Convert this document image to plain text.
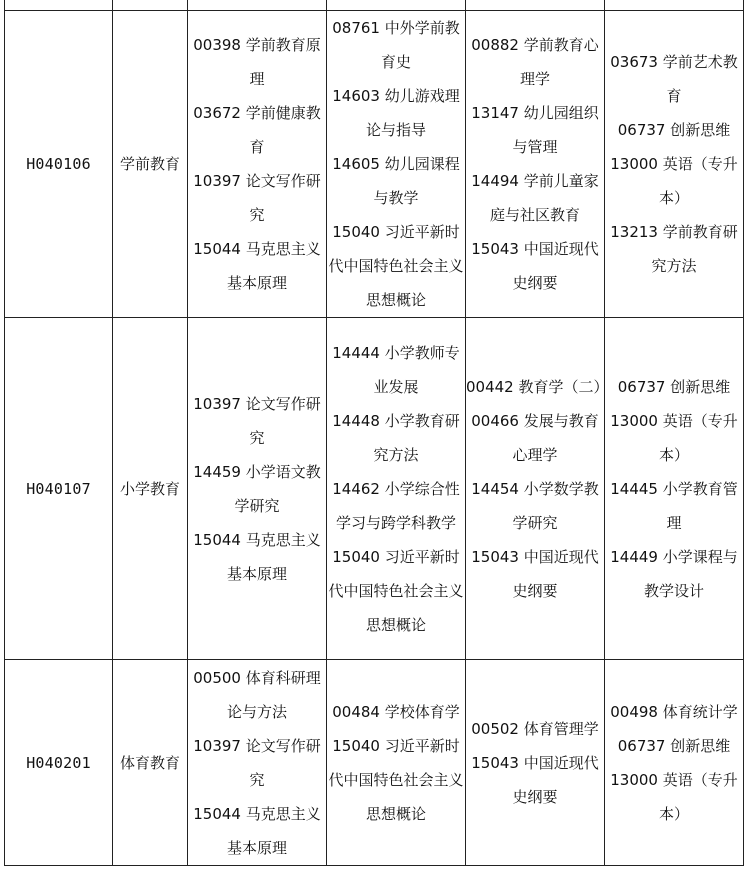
H040106	学前教育	00398 学前教育原理
03672 学前健康教育
10397 论文写作研究
15044 马克思主义基本原理	08761 中外学前教育史
14603 幼儿游戏理论与指导
14605 幼儿园课程与教学
15040 习近平新时代中国特色社会主义思想概论	00882 学前教育心理学
13147 幼儿园组织与管理
14494 学前儿童家庭与社区教育
15043 中国近现代史纲要	03673 学前艺术教育
06737 创新思维
13000 英语（专升本）
13213 学前教育研究方法

H040107	小学教育	10397 论文写作研究
14459 小学语文教学研究
15044 马克思主义基本原理	14444 小学教师专业发展
14448 小学教育研究方法
14462 小学综合性学习与跨学科教学
15040 习近平新时代中国特色社会主义思想概论	00442 教育学（二）
00466 发展与教育心理学
14454 小学数学教学研究
15043 中国近现代史纲要	06737 创新思维
13000 英语（专升本）
14445 小学教育管理
14449 小学课程与教学设计

H040201	体育教育	00500 体育科研理论与方法
10397 论文写作研究
15044 马克思主义基本原理	00484 学校体育学
15040 习近平新时代中国特色社会主义思想概论	00502 体育管理学
15043 中国近现代史纲要	00498 体育统计学
06737 创新思维
13000 英语（专升本）
